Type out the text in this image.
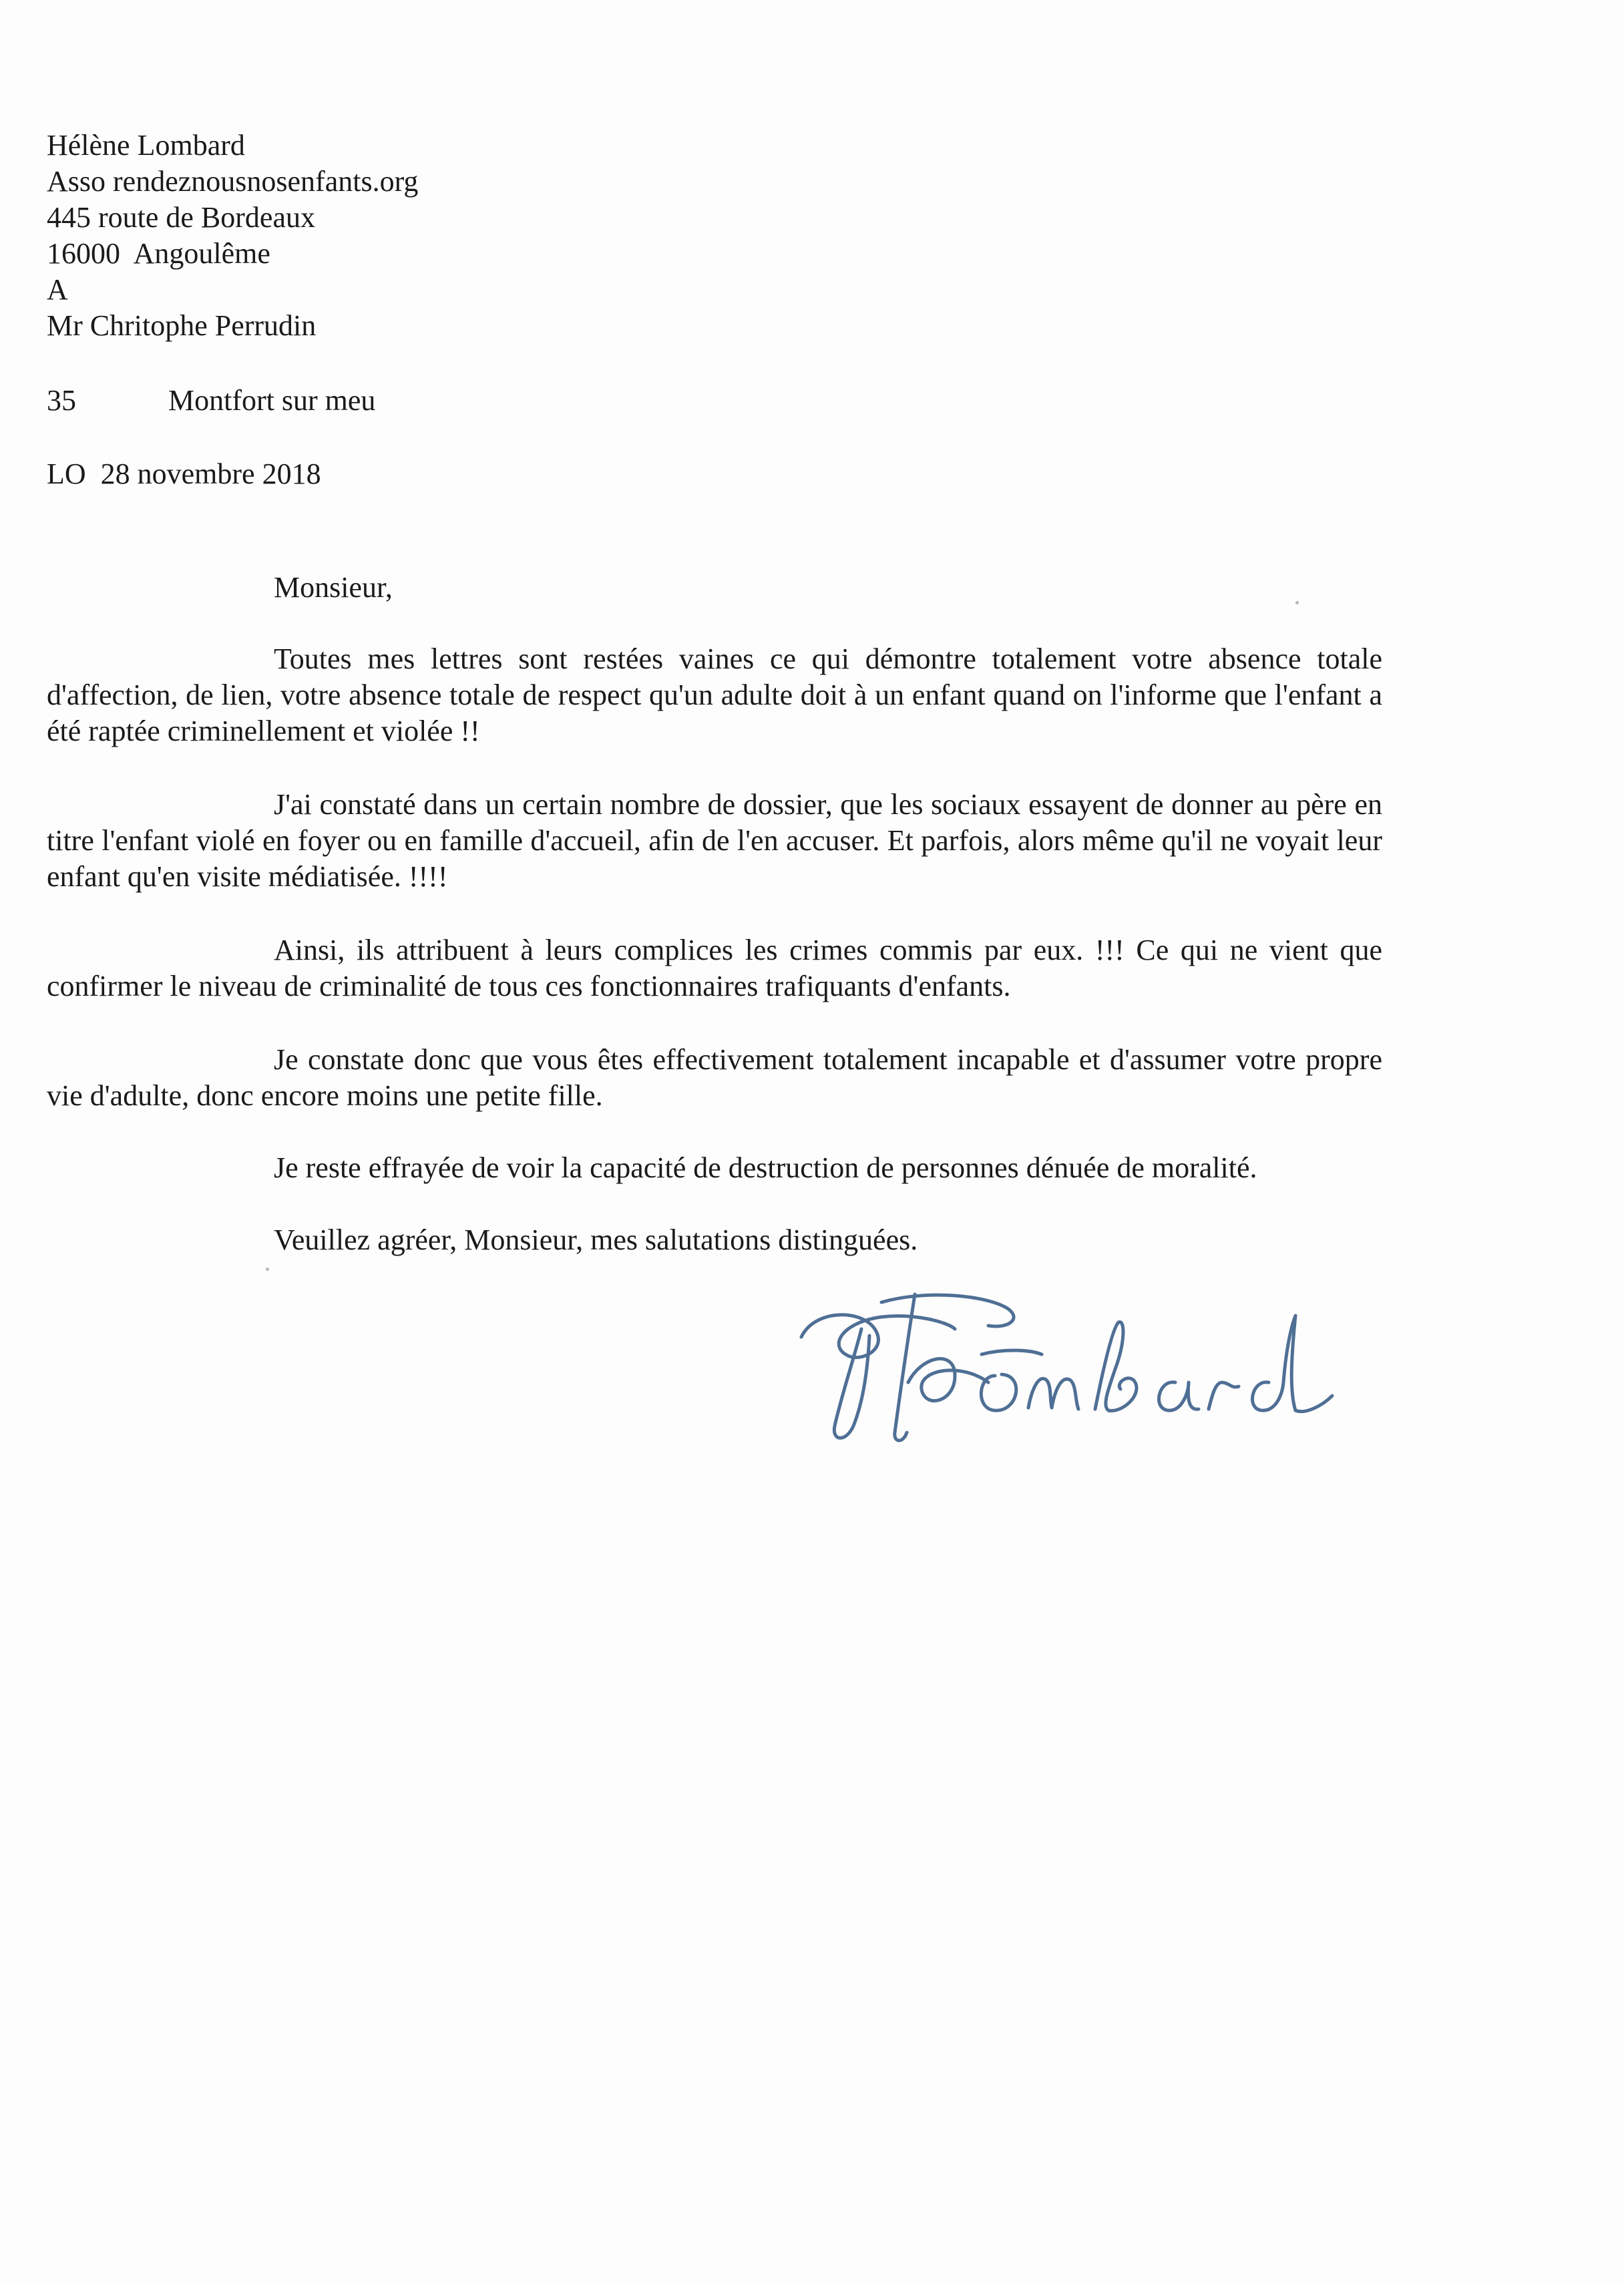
Hélène Lombard
Asso rendeznousnosenfants.org
445 route de Bordeaux
16000  Angoulême
A
Mr Chritophe Perrudin
35	Montfort sur meu
LO  28 novembre 2018
Monsieur,

Toutes mes lettres sont restées vaines ce qui démontre totalement votre absence totale d'affection, de lien, votre absence totale de respect qu'un adulte doit à un enfant quand on l'informe que l'enfant a été raptée criminellement et violée !!

J'ai constaté dans un certain nombre de dossier, que les sociaux essayent de donner au père en titre l'enfant violé en foyer ou en famille d'accueil, afin de l'en accuser. Et parfois, alors même qu'il ne voyait leur enfant qu'en visite médiatisée. !!!!

Ainsi, ils attribuent à leurs complices les crimes commis par eux. !!! Ce qui ne vient que confirmer le niveau de criminalité de tous ces fonctionnaires trafiquants d'enfants.

Je constate donc que vous êtes effectivement totalement incapable et d'assumer votre propre vie d'adulte, donc encore moins une petite fille.

Je reste effrayée de voir la capacité de destruction de personnes dénuée de moralité.

Veuillez agréer, Monsieur, mes salutations distinguées.
